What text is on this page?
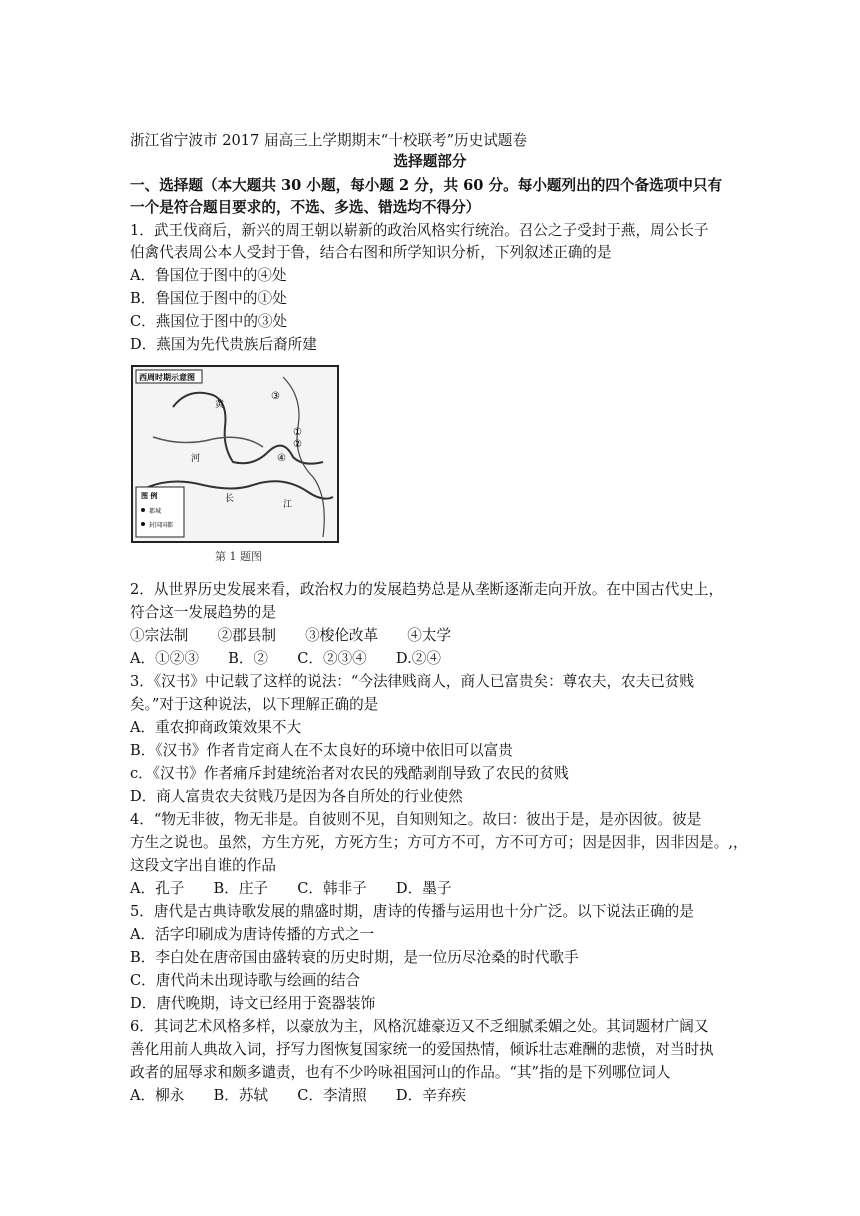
浙江省宁波市 2017 届高三上学期期末“十校联考”历史试题卷
选择题部分
一、选择题（本大题共 30 小题，每小题 2 分，共 60 分。每小题列出的四个备选项中只有
一个是符合题目要求的，不选、多选、错选均不得分）
1．武王伐商后，新兴的周王朝以崭新的政治风格实行统治。召公之子受封于燕，周公长子
伯禽代表周公本人受封于鲁，结合右图和所学知识分析，下列叙述正确的是
A．鲁国位于图中的④处
B．鲁国位于图中的①处
C．燕国位于图中的③处
D．燕国为先代贵族后裔所建
西周时期示意图
黄
河
长
江
①
②
③
④
图 例
都城
封国国都
第 1 题图
2．从世界历史发展来看，政治权力的发展趋势总是从垄断逐渐走向开放。在中国古代史上，
符合这一发展趋势的是
①宗法制　　②郡县制　　③梭伦改革　　④太学
A．①②③　　B．②　　C．②③④　　D.②④
3．《汉书》中记载了这样的说法：“今法律贱商人，商人已富贵矣：尊农夫，农夫已贫贱
矣。”对于这种说法，以下理解正确的是
A．重农抑商政策效果不大
B．《汉书》作者肯定商人在不太良好的环境中依旧可以富贵
c．《汉书》作者痛斥封建统治者对农民的残酷剥削导致了农民的贫贱
D．商人富贵农夫贫贱乃是因为各自所处的行业使然
4．“物无非彼，物无非是。自彼则不见，自知则知之。故曰：彼出于是，是亦因彼。彼是
方生之说也。虽然，方生方死，方死方生；方可方不可，方不可方可；因是因非，因非因是。,，
这段文字出自谁的作品
A．孔子　　B．庄子　　C．韩非子　　D．墨子
5．唐代是古典诗歌发展的鼎盛时期，唐诗的传播与运用也十分广泛。以下说法正确的是
A．活字印刷成为唐诗传播的方式之一
B．李白处在唐帝国由盛转衰的历史时期，是一位历尽沧桑的时代歌手
C．唐代尚未出现诗歌与绘画的结合
D．唐代晚期，诗文已经用于瓷器装饰
6．其词艺术风格多样，以豪放为主，风格沉雄豪迈又不乏细腻柔媚之处。其词题材广阔又
善化用前人典故入词，抒写力图恢复国家统一的爱国热情，倾诉壮志难酬的悲愤，对当时执
政者的屈辱求和颇多谴责，也有不少吟咏祖国河山的作品。“其”指的是下列哪位词人
A．柳永　　B．苏轼　　C．李清照　　D．辛弃疾
